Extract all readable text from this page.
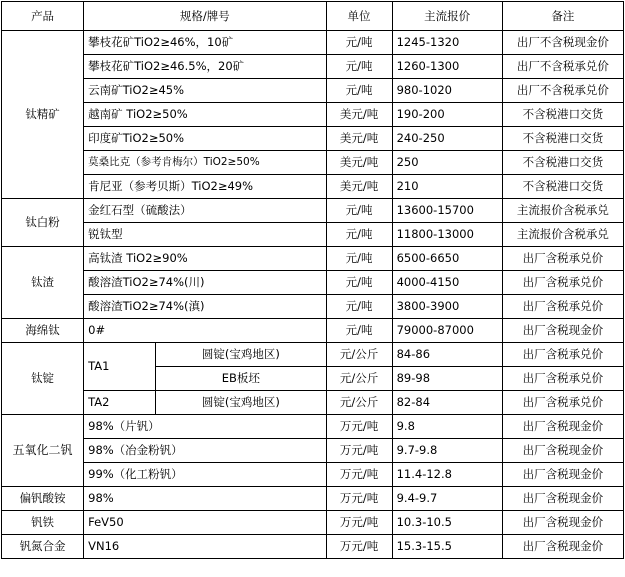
产品	规格/牌号		单位	主流报价	备注
钛精矿	攀枝花矿TiO2≥46%，10矿		元/吨	1245-1320	出厂不含税现金价
	攀枝花矿TiO2≥46.5%，20矿		元/吨	1260-1300	出厂不含税承兑价
	云南矿TiO2≥45%		元/吨	980-1020	出厂不含税承兑价
	越南矿 TiO2≥50%		美元/吨	190-200	不含税港口交货
	印度矿TiO2≥50%		美元/吨	240-250	不含税港口交货
	莫桑比克（参考肯梅尔）TiO2≥50%		美元/吨	250	不含税港口交货
	肯尼亚（参考贝斯）TiO2≥49%		美元/吨	210	不含税港口交货
钛白粉	金红石型（硫酸法）		元/吨	13600-15700	主流报价含税承兑
	锐钛型		元/吨	11800-13000	主流报价含税承兑
钛渣	高钛渣 TiO2≥90%		元/吨	6500-6650	出厂含税承兑价
	酸溶渣TiO2≥74%(川)		元/吨	4000-4150	出厂含税承兑价
	酸溶渣TiO2≥74%(滇)		元/吨	3800-3900	出厂含税承兑价
海绵钛	0#		元/吨	79000-87000	出厂含税现金价
钛锭	TA1	圆锭(宝鸡地区)	元/公斤	84-86	出厂含税承兑价
		EB板坯	元/公斤	89-98	出厂含税承兑价
	TA2	圆锭(宝鸡地区)	元/公斤	82-84	出厂含税承兑价
五氧化二钒	98%（片钒）		万元/吨	9.8	出厂含税现金价
	98%（冶金粉钒）		万元/吨	9.7-9.8	出厂含税现金价
	99%（化工粉钒）		万元/吨	11.4-12.8	出厂含税现金价
偏钒酸铵	98%		万元/吨	9.4-9.7	出厂含税现金价
钒铁	FeV50		万元/吨	10.3-10.5	出厂含税现金价
钒氮合金	VN16		万元/吨	15.3-15.5	出厂含税现金价
